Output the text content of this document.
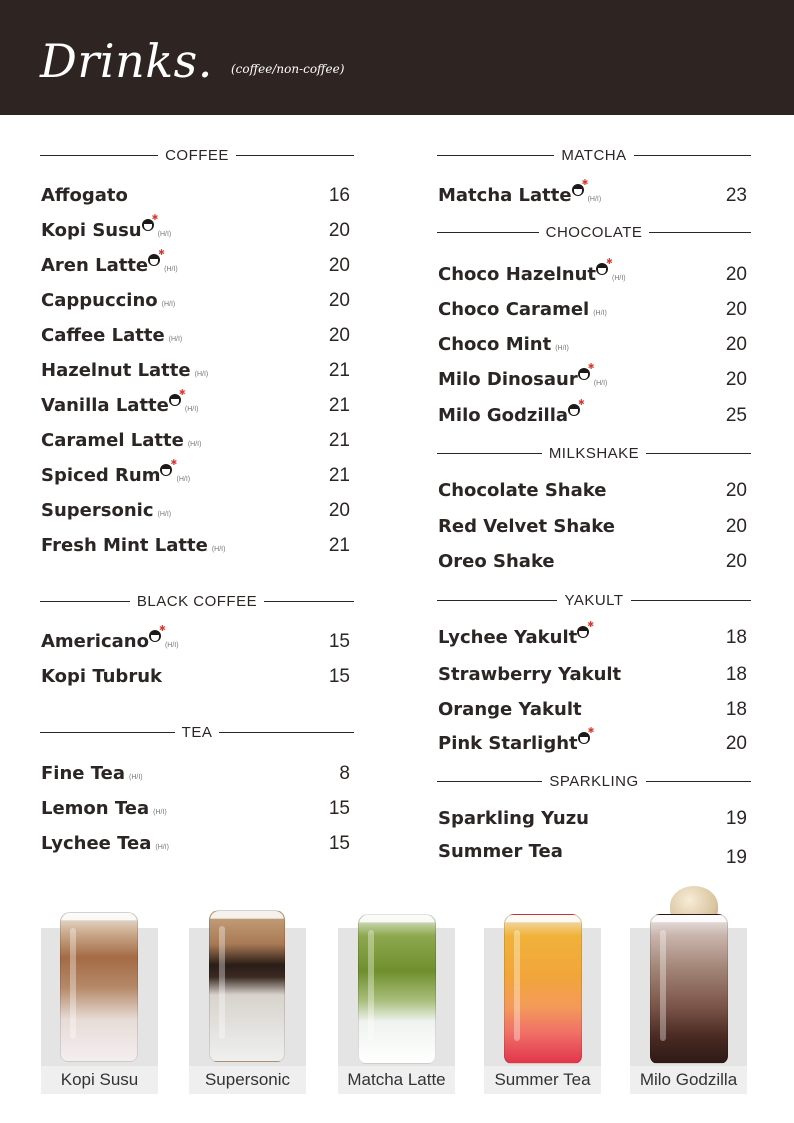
Drinks. (coffee/non-coffee)
COFFEE
Affogato	16
Kopi Susu
✱
(H/I)	20
Aren Latte
✱
(H/I)	20
Cappuccino (H/I)	20
Caffee Latte (H/I)	20
Hazelnut Latte (H/I)	21
Vanilla Latte
✱
(H/I)	21
Caramel Latte (H/I)	21
Spiced Rum
✱
(H/I)	21
Supersonic (H/I)	20
Fresh Mint Latte (H/I)	21
BLACK COFFEE
Americano
✱
(H/I)	15
Kopi Tubruk	15
TEA
Fine Tea (H/I)	8
Lemon Tea (H/I)	15
Lychee Tea (H/I)	15
MATCHA
Matcha Latte
✱
(H/I)	23
CHOCOLATE
Choco Hazelnut
✱
(H/I)	20
Choco Caramel (H/I)	20
Choco Mint (H/I)	20
Milo Dinosaur
✱
(H/I)	20
Milo Godzilla
✱
25
MILKSHAKE
Chocolate Shake	20
Red Velvet Shake	20
Oreo Shake	20
YAKULT
Lychee Yakult
✱
18
Strawberry Yakult	18
Orange Yakult	18
Pink Starlight
✱
20
SPARKLING
Sparkling Yuzu	19
Summer Tea	19
Kopi Susu	Supersonic	Matcha Latte	Summer Tea	Milo Godzilla
